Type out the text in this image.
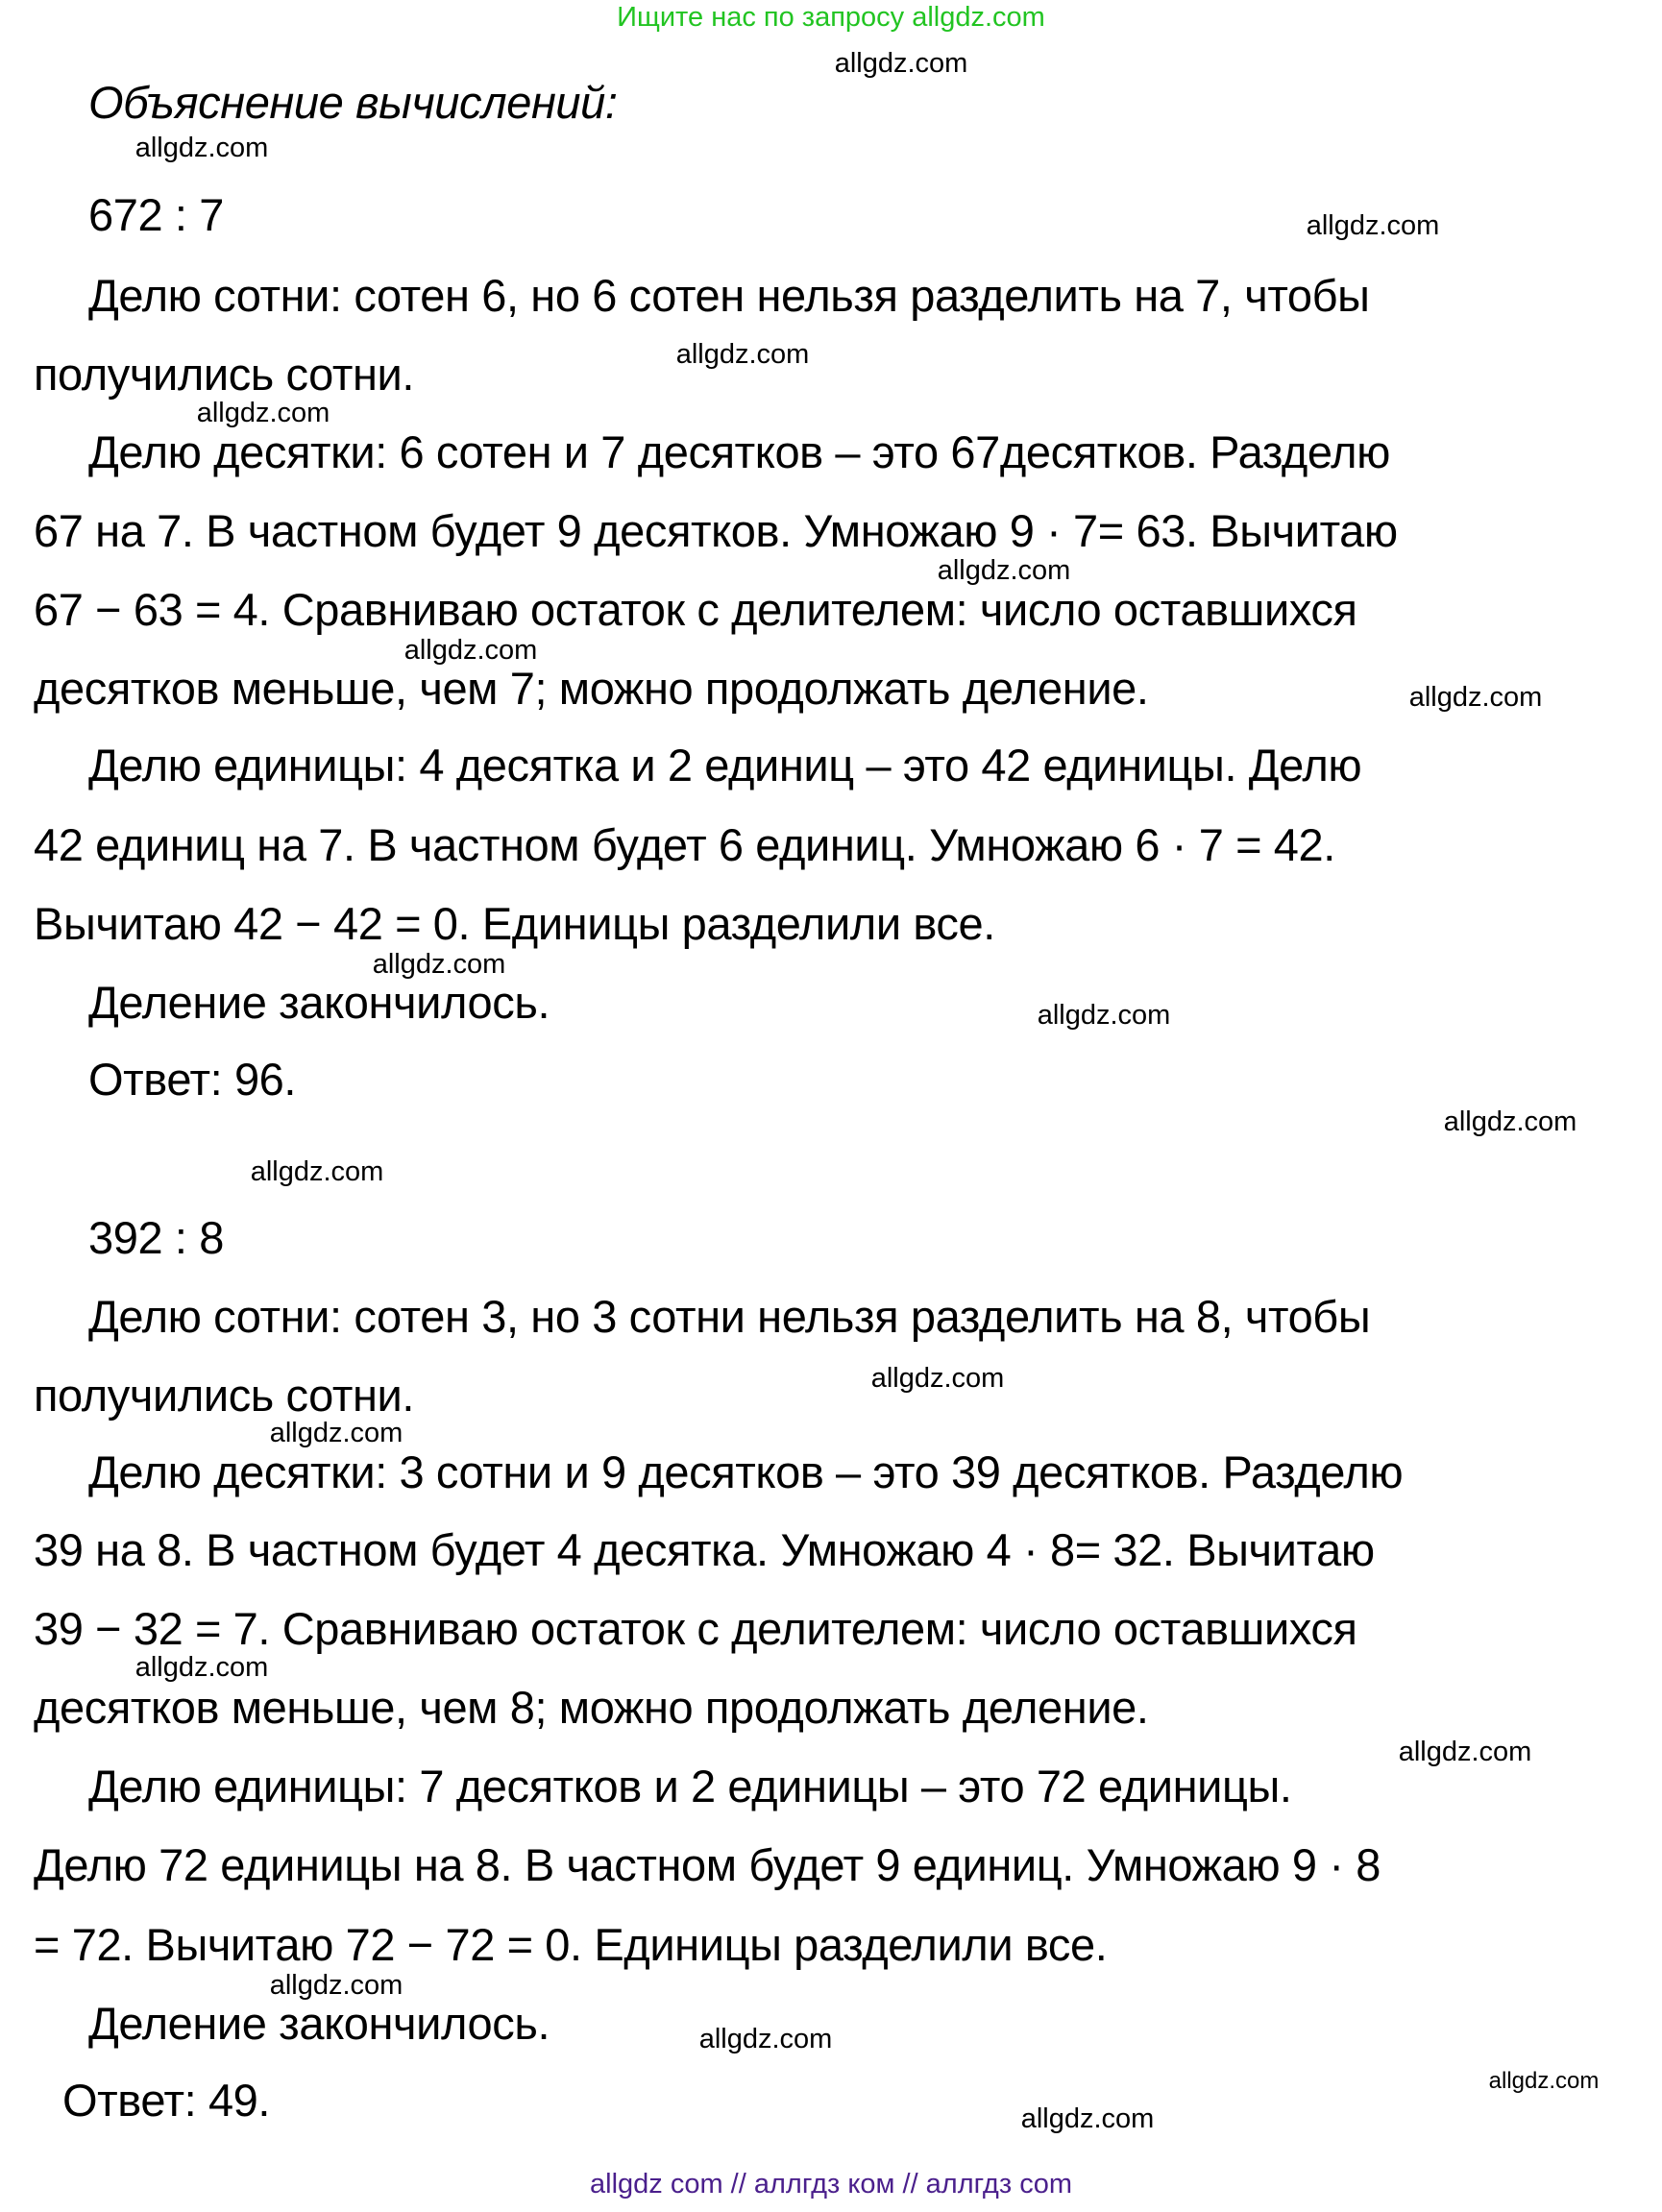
Ищите нас по запросу allgdz.com
Объяснение вычислений:
672 : 7
Делю сотни: сотен 6, но 6 сотен нельзя разделить на 7, чтобы
получились сотни.
Делю десятки: 6 сотен и 7 десятков – это 67десятков. Разделю
67 на 7. В частном будет 9 десятков. Умножаю 9 · 7= 63. Вычитаю
67 − 63 = 4. Сравниваю остаток с делителем: число оставшихся
десятков меньше, чем 7; можно продолжать деление.
Делю единицы: 4 десятка и 2 единиц – это 42 единицы. Делю
42 единиц на 7. В частном будет 6 единиц. Умножаю 6 · 7 = 42.
Вычитаю 42 − 42 = 0. Единицы разделили все.
Деление закончилось.
Ответ: 96.
392 : 8
Делю сотни: сотен 3, но 3 сотни нельзя разделить на 8, чтобы
получились сотни.
Делю десятки: 3 сотни и 9 десятков – это 39 десятков. Разделю
39 на 8. В частном будет 4 десятка. Умножаю 4 · 8= 32. Вычитаю
39 − 32 = 7. Сравниваю остаток с делителем: число оставшихся
десятков меньше, чем 8; можно продолжать деление.
Делю единицы: 7 десятков и 2 единицы – это 72 единицы.
Делю 72 единицы на 8. В частном будет 9 единиц. Умножаю 9 · 8
= 72. Вычитаю 72 − 72 = 0. Единицы разделили все.
Деление закончилось.
Ответ: 49.
allgdz.com
allgdz.com
allgdz.com
allgdz.com
allgdz.com
allgdz.com
allgdz.com
allgdz.com
allgdz.com
allgdz.com
allgdz.com
allgdz.com
allgdz.com
allgdz.com
allgdz.com
allgdz.com
allgdz.com
allgdz.com
allgdz.com
allgdz.com
allgdz com // аллгдз ком // аллгдз com
